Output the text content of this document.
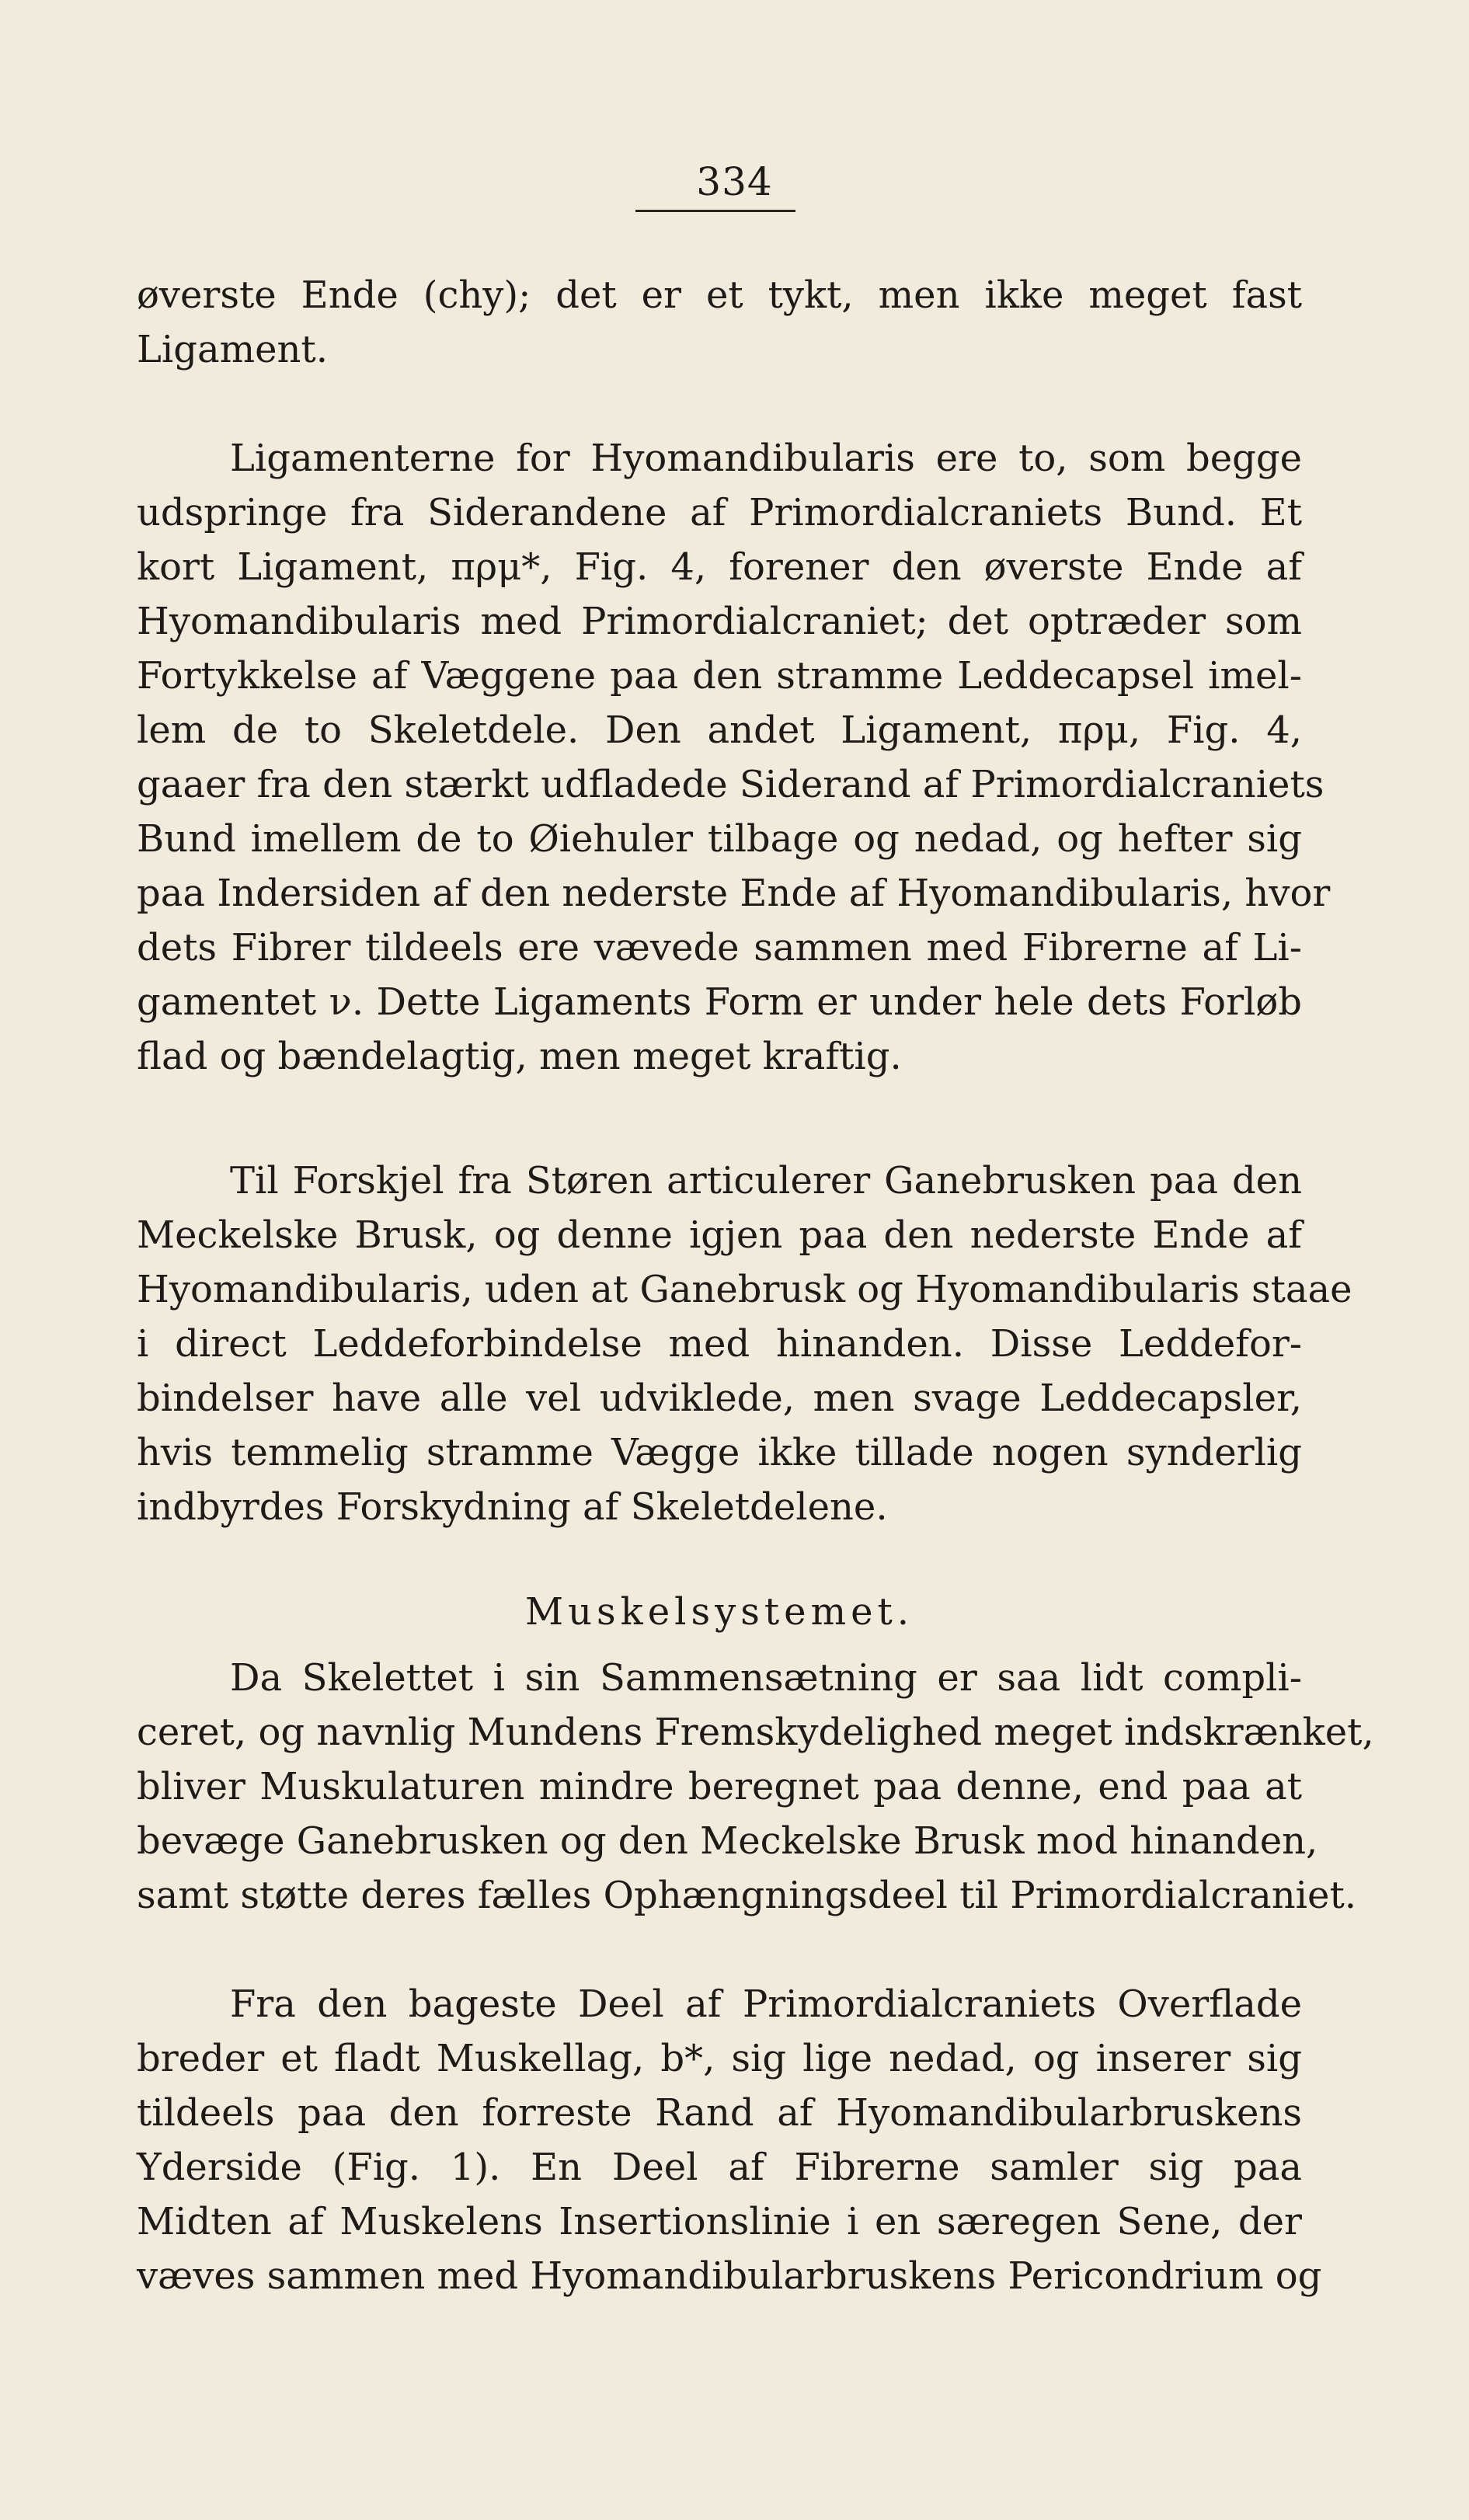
334
øverste Ende (chy); det er et tykt, men ikke meget fast
Ligament.
Ligamenterne for Hyomandibularis ere to, som begge
udspringe fra Siderandene af Primordialcraniets Bund. Et
kort Ligament, πρμ*, Fig. 4, forener den øverste Ende af
Hyomandibularis med Primordialcraniet; det optræder som
Fortykkelse af Væggene paa den stramme Leddecapsel imel-
lem de to Skeletdele. Den andet Ligament, πρμ, Fig. 4,
gaaer fra den stærkt udfladede Siderand af Primordialcraniets
Bund imellem de to Øiehuler tilbage og nedad, og hefter sig
paa Indersiden af den nederste Ende af Hyomandibularis, hvor
dets Fibrer tildeels ere vævede sammen med Fibrerne af Li-
gamentet ν. Dette Ligaments Form er under hele dets Forløb
flad og bændelagtig, men meget kraftig.
Til Forskjel fra Støren articulerer Ganebrusken paa den
Meckelske Brusk, og denne igjen paa den nederste Ende af
Hyomandibularis, uden at Ganebrusk og Hyomandibularis staae
i direct Leddeforbindelse med hinanden. Disse Leddefor-
bindelser have alle vel udviklede, men svage Leddecapsler,
hvis temmelig stramme Vægge ikke tillade nogen synderlig
indbyrdes Forskydning af Skeletdelene.
Muskelsystemet.
Da Skelettet i sin Sammensætning er saa lidt compli-
ceret, og navnlig Mundens Fremskydelighed meget indskrænket,
bliver Muskulaturen mindre beregnet paa denne, end paa at
bevæge Ganebrusken og den Meckelske Brusk mod hinanden,
samt støtte deres fælles Ophængningsdeel til Primordialcraniet.
Fra den bageste Deel af Primordialcraniets Overflade
breder et fladt Muskellag, b*, sig lige nedad, og inserer sig
tildeels paa den forreste Rand af Hyomandibularbruskens
Yderside (Fig. 1). En Deel af Fibrerne samler sig paa
Midten af Muskelens Insertionslinie i en særegen Sene, der
væves sammen med Hyomandibularbruskens Pericondrium og
